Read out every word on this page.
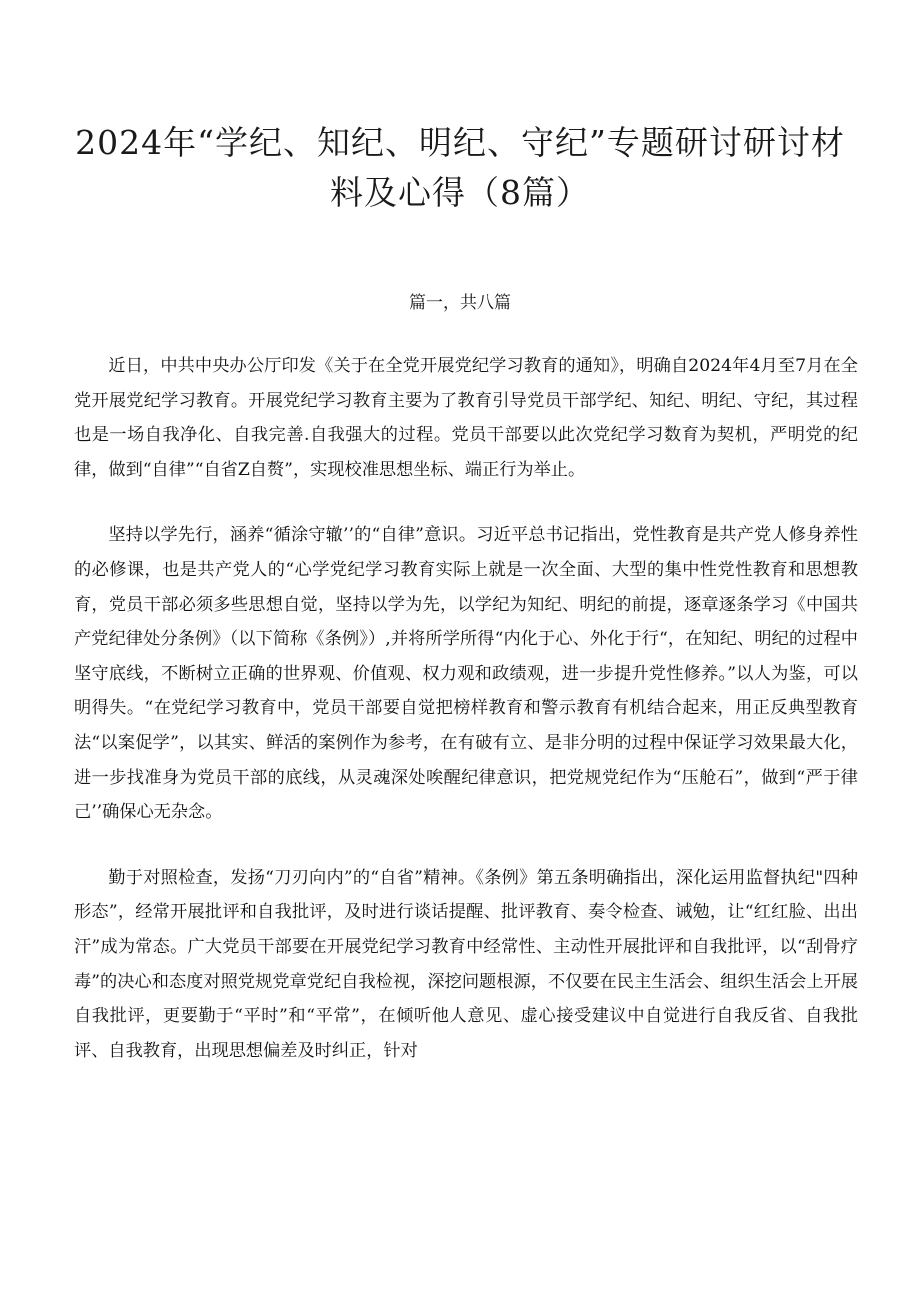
2024年“学纪、知纪、明纪、守纪”专题研讨研讨材料及心得（8篇）

篇一，共八篇

近日，中共中央办公厅印发《关于在全党开展党纪学习教育的通知》，明确自2024年4月至7月在全党开展党纪学习教育。开展党纪学习教育主要为了教育引导党员干部学纪、知纪、明纪、守纪，其过程也是一场自我净化、自我完善.自我强大的过程。党员干部要以此次党纪学习数育为契机，严明党的纪律，做到“自律”“自省Z自赘”，实现校准思想坐标、端正行为举止。

坚持以学先行，涵养“循涂守辙’’的“自律”意识。习近平总书记指出，党性教育是共产党人修身养性的必修课，也是共产党人的“心学党纪学习教育实际上就是一次全面、大型的集中性党性教育和思想教育，党员干部必须多些思想自觉，坚持以学为先，以学纪为知纪、明纪的前提，逐章逐条学习《中国共产党纪律处分条例》（以下简称《条例》）,并将所学所得“内化于心、外化于行“，在知纪、明纪的过程中坚守底线，不断树立正确的世界观、价值观、权力观和政绩观，进一步提升党性修养。”以人为鉴，可以明得失。“在党纪学习教育中，党员干部要自觉把榜样教育和警示教育有机结合起来，用正反典型教育法“以案促学”，以其实、鲜活的案例作为参考，在有破有立、是非分明的过程中保证学习效果最大化，进一步找准身为党员干部的底线，从灵魂深处唉醒纪律意识，把党规党纪作为“压舱石”，做到“严于律己’’确保心无杂念。

勤于对照检查，发扬“刀刃向内”的“自省”精神。《条例》第五条明确指出，深化运用监督执纪"四种形态”，经常开展批评和自我批评，及时进行谈话提醒、批评教育、奏令检查、诫勉，让“红红脸、出出汗”成为常态。广大党员干部要在开展党纪学习教育中经常性、主动性开展批评和自我批评，以“刮骨疗毒”的决心和态度对照党规党章党纪自我检视，深挖问题根源，不仅要在民主生活会、组织生活会上开展自我批评，更要勤于“平时”和“平常”，在倾听他人意见、虚心接受建议中自觉进行自我反省、自我批评、自我教育，出现思想偏差及时纠正，针对
